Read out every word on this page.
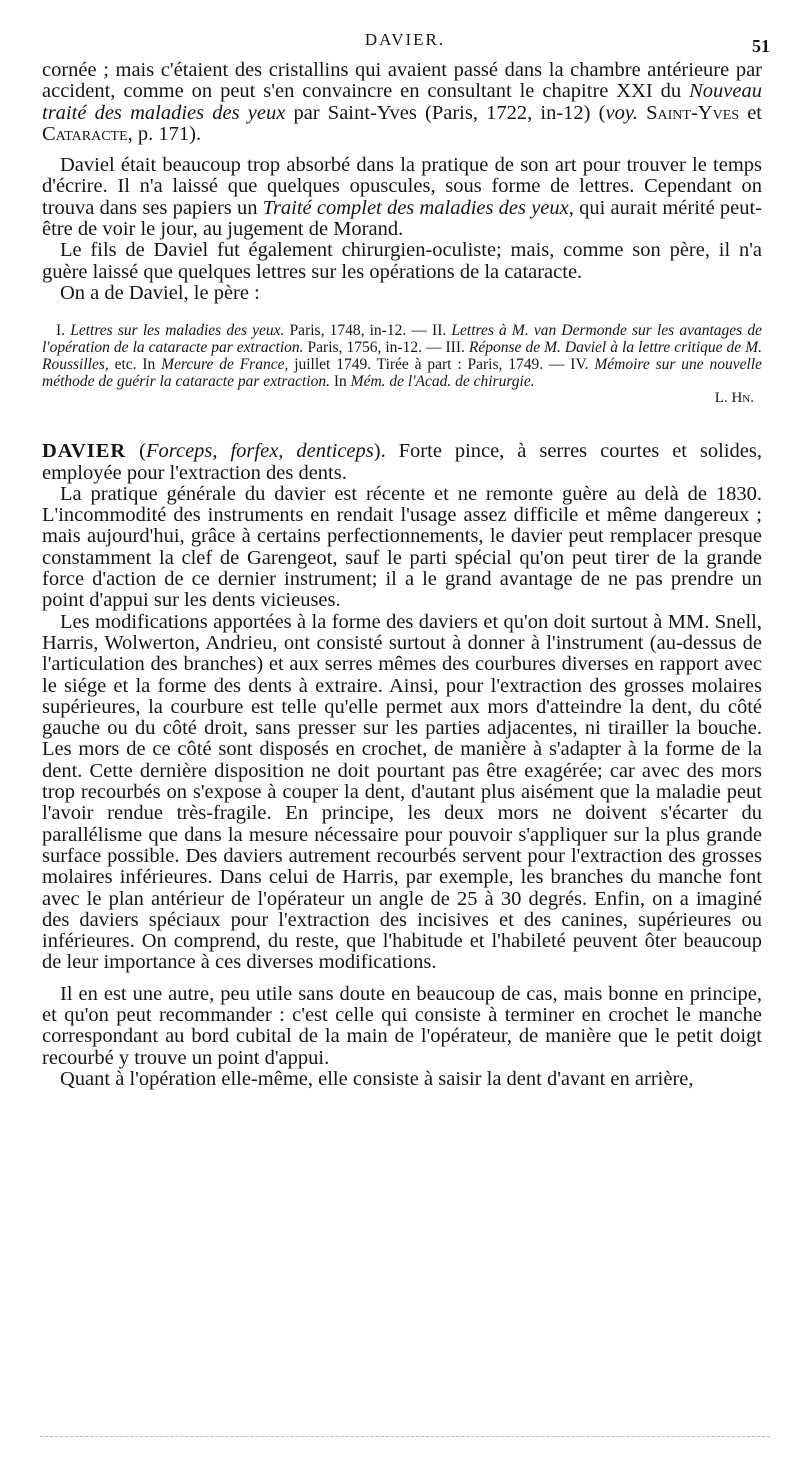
DAVIER.	51

cornée ; mais c'étaient des cristallins qui avaient passé dans la chambre antérieure par accident, comme on peut s'en convaincre en consultant le chapitre XXI du Nouveau traité des maladies des yeux par Saint-Yves (Paris, 1722, in-12) (voy. Saint-Yves et Cataracte, p. 171).

Daviel était beaucoup trop absorbé dans la pratique de son art pour trouver le temps d'écrire. Il n'a laissé que quelques opuscules, sous forme de lettres. Cependant on trouva dans ses papiers un Traité complet des maladies des yeux, qui aurait mérité peut-être de voir le jour, au jugement de Morand.

Le fils de Daviel fut également chirurgien-oculiste; mais, comme son père, il n'a guère laissé que quelques lettres sur les opérations de la cataracte.

On a de Daviel, le père :

I. Lettres sur les maladies des yeux. Paris, 1748, in-12. — II. Lettres à M. van Dermonde sur les avantages de l'opération de la cataracte par extraction. Paris, 1756, in-12. — III. Réponse de M. Daviel à la lettre critique de M. Roussilles, etc. In Mercure de France, juillet 1749. Tirée à part : Paris, 1749. — IV. Mémoire sur une nouvelle méthode de guérir la cataracte par extraction. In Mém. de l'Acad. de chirurgie.

L. Hn.

DAVIER (Forceps, forfex, denticeps). Forte pince, à serres courtes et solides, employée pour l'extraction des dents.

La pratique générale du davier est récente et ne remonte guère au delà de 1830. L'incommodité des instruments en rendait l'usage assez difficile et même dangereux ; mais aujourd'hui, grâce à certains perfectionnements, le davier peut remplacer presque constamment la clef de Garengeot, sauf le parti spécial qu'on peut tirer de la grande force d'action de ce dernier instrument; il a le grand avantage de ne pas prendre un point d'appui sur les dents vicieuses.

Les modifications apportées à la forme des daviers et qu'on doit surtout à MM. Snell, Harris, Wolwerton, Andrieu, ont consisté surtout à donner à l'instrument (au-dessus de l'articulation des branches) et aux serres mêmes des courbures diverses en rapport avec le siége et la forme des dents à extraire. Ainsi, pour l'extraction des grosses molaires supérieures, la courbure est telle qu'elle permet aux mors d'atteindre la dent, du côté gauche ou du côté droit, sans presser sur les parties adjacentes, ni tirailler la bouche. Les mors de ce côté sont disposés en crochet, de manière à s'adapter à la forme de la dent. Cette dernière disposition ne doit pourtant pas être exagérée; car avec des mors trop recourbés on s'expose à couper la dent, d'autant plus aisément que la maladie peut l'avoir rendue très-fragile. En principe, les deux mors ne doivent s'écarter du parallélisme que dans la mesure nécessaire pour pouvoir s'appliquer sur la plus grande surface possible. Des daviers autrement recourbés servent pour l'extraction des grosses molaires inférieures. Dans celui de Harris, par exemple, les branches du manche font avec le plan antérieur de l'opérateur un angle de 25 à 30 degrés. Enfin, on a imaginé des daviers spéciaux pour l'extraction des incisives et des canines, supérieures ou inférieures. On comprend, du reste, que l'habitude et l'habileté peuvent ôter beaucoup de leur importance à ces diverses modifications.

Il en est une autre, peu utile sans doute en beaucoup de cas, mais bonne en principe, et qu'on peut recommander : c'est celle qui consiste à terminer en crochet le manche correspondant au bord cubital de la main de l'opérateur, de manière que le petit doigt recourbé y trouve un point d'appui.

Quant à l'opération elle-même, elle consiste à saisir la dent d'avant en arrière,
